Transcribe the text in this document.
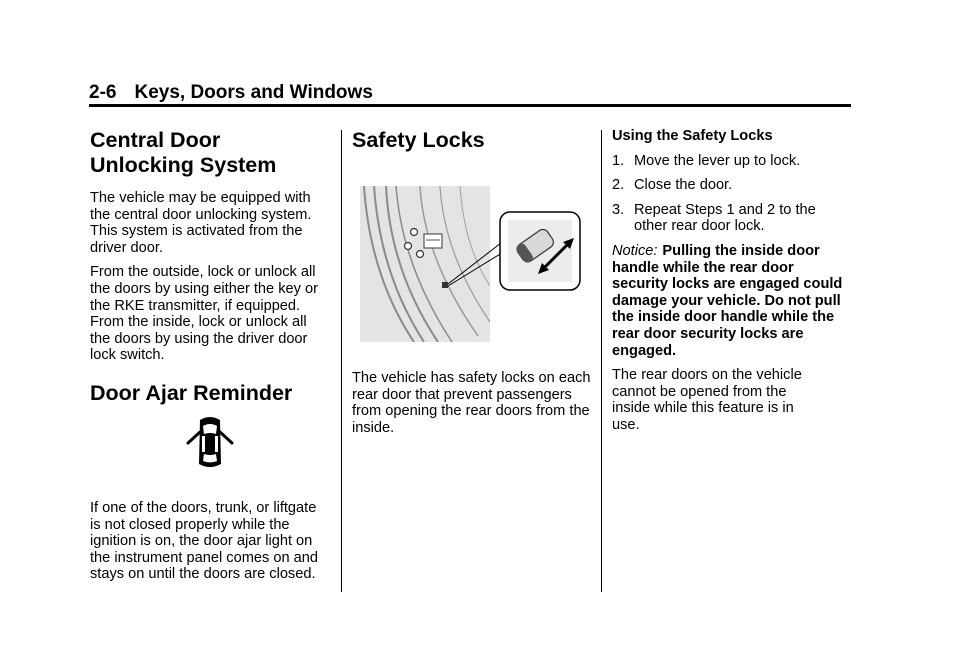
2-6 Keys, Doors and Windows
Central Door Unlocking System

The vehicle may be equipped with the central door unlocking system. This system is activated from the driver door.

From the outside, lock or unlock all the doors by using either the key or the RKE transmitter, if equipped. From the inside, lock or unlock all the doors by using the driver door lock switch.

Door Ajar Reminder

If one of the doors, trunk, or liftgate is not closed properly while the ignition is on, the door ajar light on the instrument panel comes on and stays on until the doors are closed.

Safety Locks

The vehicle has safety locks on each rear door that prevent passengers from opening the rear doors from the inside.

Using the Safety Locks

1. Move the lever up to lock.
2. Close the door.
3. Repeat Steps 1 and 2 to the other rear door lock.

Notice: Pulling the inside door handle while the rear door security locks are engaged could damage your vehicle. Do not pull the inside door handle while the rear door security locks are engaged.

The rear doors on the vehicle cannot be opened from the inside while this feature is in use.
